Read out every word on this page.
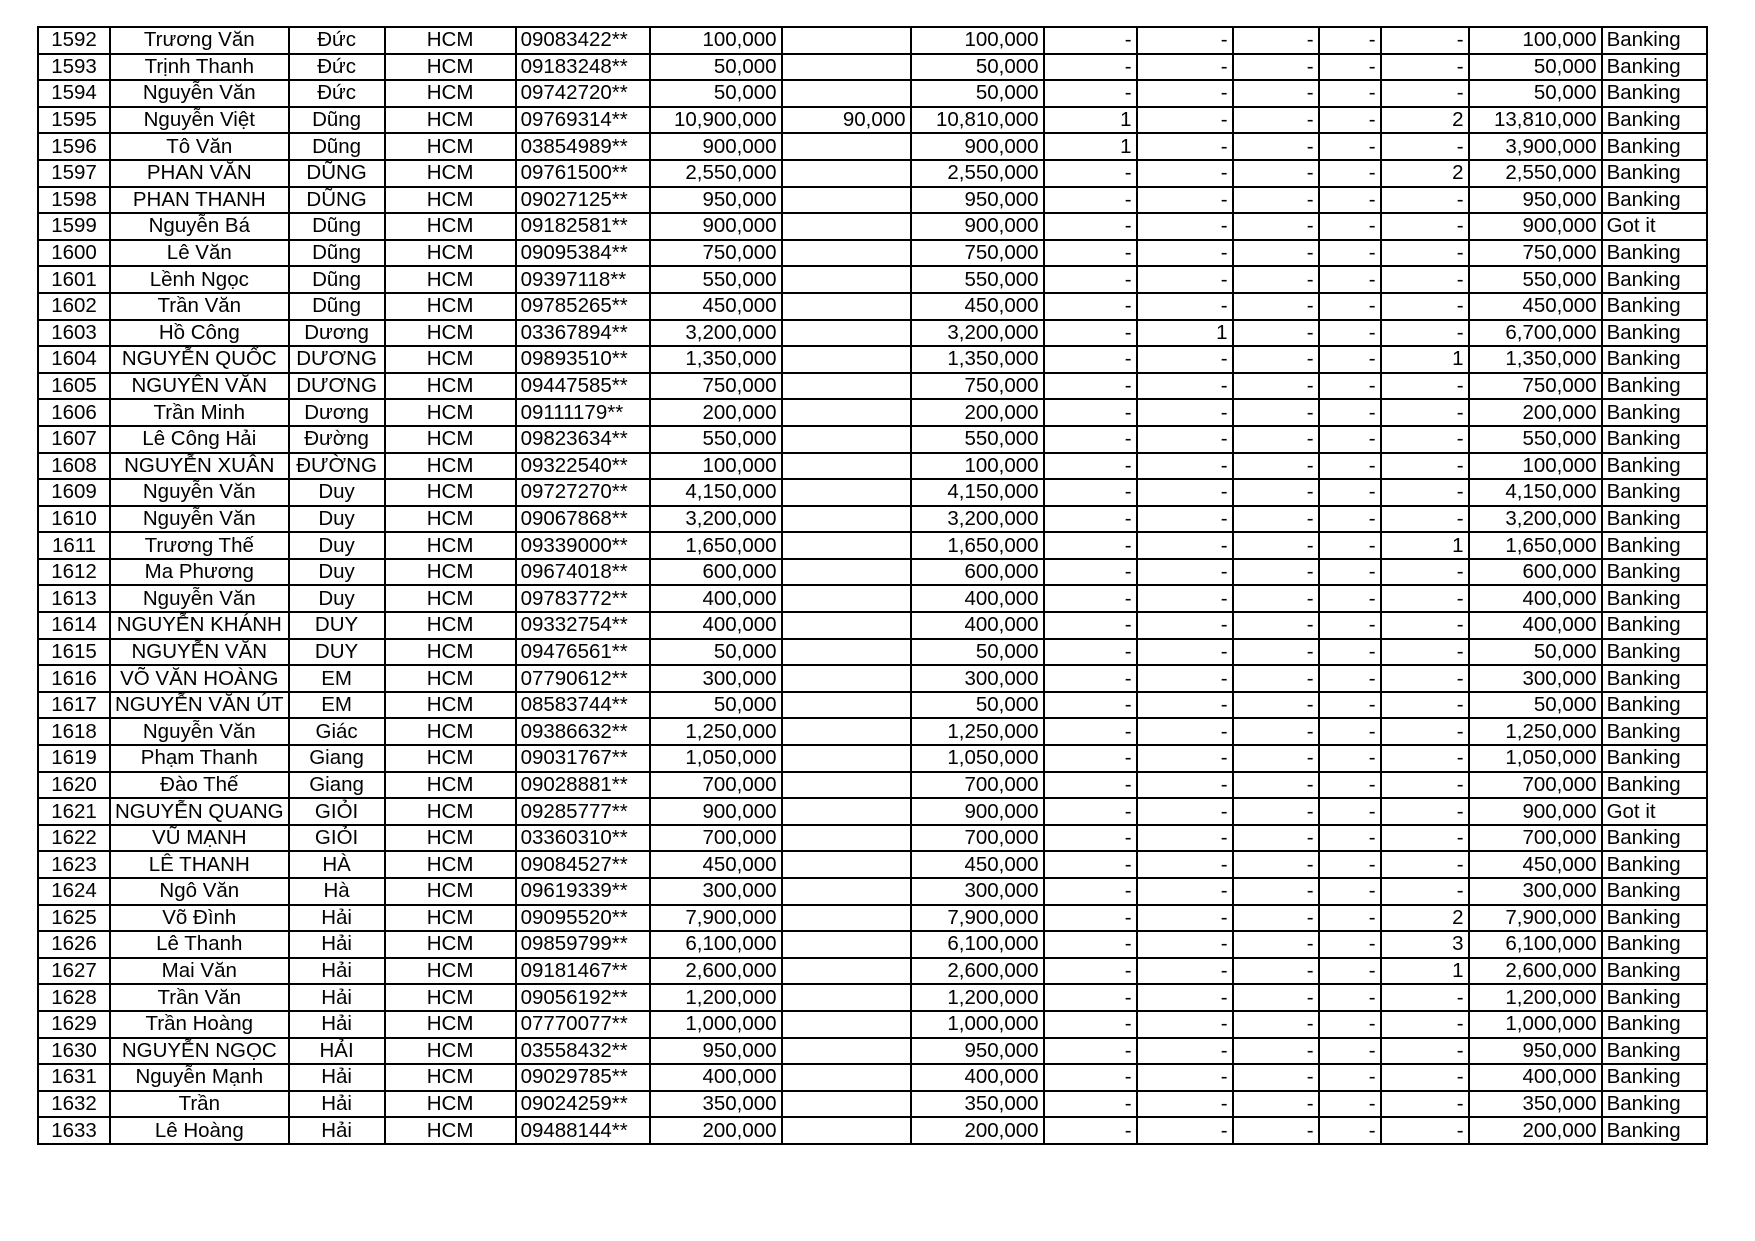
1592	Trương Văn	Đức	HCM	09083422**	100,000		100,000	-	-	-	-	-	100,000	Banking
1593	Trịnh Thanh	Đức	HCM	09183248**	50,000		50,000	-	-	-	-	-	50,000	Banking
1594	Nguyễn Văn	Đức	HCM	09742720**	50,000		50,000	-	-	-	-	-	50,000	Banking
1595	Nguyễn Việt	Dũng	HCM	09769314**	10,900,000	90,000	10,810,000	1	-	-	-	2	13,810,000	Banking
1596	Tô Văn	Dũng	HCM	03854989**	900,000		900,000	1	-	-	-	-	3,900,000	Banking
1597	PHAN VĂN	DŨNG	HCM	09761500**	2,550,000		2,550,000	-	-	-	-	2	2,550,000	Banking
1598	PHAN THANH	DŨNG	HCM	09027125**	950,000		950,000	-	-	-	-	-	950,000	Banking
1599	Nguyễn Bá	Dũng	HCM	09182581**	900,000		900,000	-	-	-	-	-	900,000	Got it
1600	Lê Văn	Dũng	HCM	09095384**	750,000		750,000	-	-	-	-	-	750,000	Banking
1601	Lềnh Ngọc	Dũng	HCM	09397118**	550,000		550,000	-	-	-	-	-	550,000	Banking
1602	Trần Văn	Dũng	HCM	09785265**	450,000		450,000	-	-	-	-	-	450,000	Banking
1603	Hồ Công	Dương	HCM	03367894**	3,200,000		3,200,000	-	1	-	-	-	6,700,000	Banking
1604	NGUYỄN QUỐC	DƯƠNG	HCM	09893510**	1,350,000		1,350,000	-	-	-	-	1	1,350,000	Banking
1605	NGUYÊN VĂN	DƯƠNG	HCM	09447585**	750,000		750,000	-	-	-	-	-	750,000	Banking
1606	Trần Minh	Dương	HCM	09111179**	200,000		200,000	-	-	-	-	-	200,000	Banking
1607	Lê Công Hải	Đường	HCM	09823634**	550,000		550,000	-	-	-	-	-	550,000	Banking
1608	NGUYỄN XUÂN	ĐƯỜNG	HCM	09322540**	100,000		100,000	-	-	-	-	-	100,000	Banking
1609	Nguyễn Văn	Duy	HCM	09727270**	4,150,000		4,150,000	-	-	-	-	-	4,150,000	Banking
1610	Nguyễn Văn	Duy	HCM	09067868**	3,200,000		3,200,000	-	-	-	-	-	3,200,000	Banking
1611	Trương Thế	Duy	HCM	09339000**	1,650,000		1,650,000	-	-	-	-	1	1,650,000	Banking
1612	Ma Phương	Duy	HCM	09674018**	600,000		600,000	-	-	-	-	-	600,000	Banking
1613	Nguyễn Văn	Duy	HCM	09783772**	400,000		400,000	-	-	-	-	-	400,000	Banking
1614	NGUYỄN KHÁNH	DUY	HCM	09332754**	400,000		400,000	-	-	-	-	-	400,000	Banking
1615	NGUYỄN VĂN	DUY	HCM	09476561**	50,000		50,000	-	-	-	-	-	50,000	Banking
1616	VÕ VĂN HOÀNG	EM	HCM	07790612**	300,000		300,000	-	-	-	-	-	300,000	Banking
1617	NGUYỄN VĂN ÚT	EM	HCM	08583744**	50,000		50,000	-	-	-	-	-	50,000	Banking
1618	Nguyễn Văn	Giác	HCM	09386632**	1,250,000		1,250,000	-	-	-	-	-	1,250,000	Banking
1619	Phạm Thanh	Giang	HCM	09031767**	1,050,000		1,050,000	-	-	-	-	-	1,050,000	Banking
1620	Đào Thế	Giang	HCM	09028881**	700,000		700,000	-	-	-	-	-	700,000	Banking
1621	NGUYỄN QUANG	GIỎI	HCM	09285777**	900,000		900,000	-	-	-	-	-	900,000	Got it
1622	VŨ MẠNH	GIỎI	HCM	03360310**	700,000		700,000	-	-	-	-	-	700,000	Banking
1623	LÊ THANH	HÀ	HCM	09084527**	450,000		450,000	-	-	-	-	-	450,000	Banking
1624	Ngô Văn	Hà	HCM	09619339**	300,000		300,000	-	-	-	-	-	300,000	Banking
1625	Võ Đình	Hải	HCM	09095520**	7,900,000		7,900,000	-	-	-	-	2	7,900,000	Banking
1626	Lê Thanh	Hải	HCM	09859799**	6,100,000		6,100,000	-	-	-	-	3	6,100,000	Banking
1627	Mai Văn	Hải	HCM	09181467**	2,600,000		2,600,000	-	-	-	-	1	2,600,000	Banking
1628	Trần Văn	Hải	HCM	09056192**	1,200,000		1,200,000	-	-	-	-	-	1,200,000	Banking
1629	Trần Hoàng	Hải	HCM	07770077**	1,000,000		1,000,000	-	-	-	-	-	1,000,000	Banking
1630	NGUYỄN NGỌC	HẢI	HCM	03558432**	950,000		950,000	-	-	-	-	-	950,000	Banking
1631	Nguyễn Mạnh	Hải	HCM	09029785**	400,000		400,000	-	-	-	-	-	400,000	Banking
1632	Trần	Hải	HCM	09024259**	350,000		350,000	-	-	-	-	-	350,000	Banking
1633	Lê Hoàng	Hải	HCM	09488144**	200,000		200,000	-	-	-	-	-	200,000	Banking
